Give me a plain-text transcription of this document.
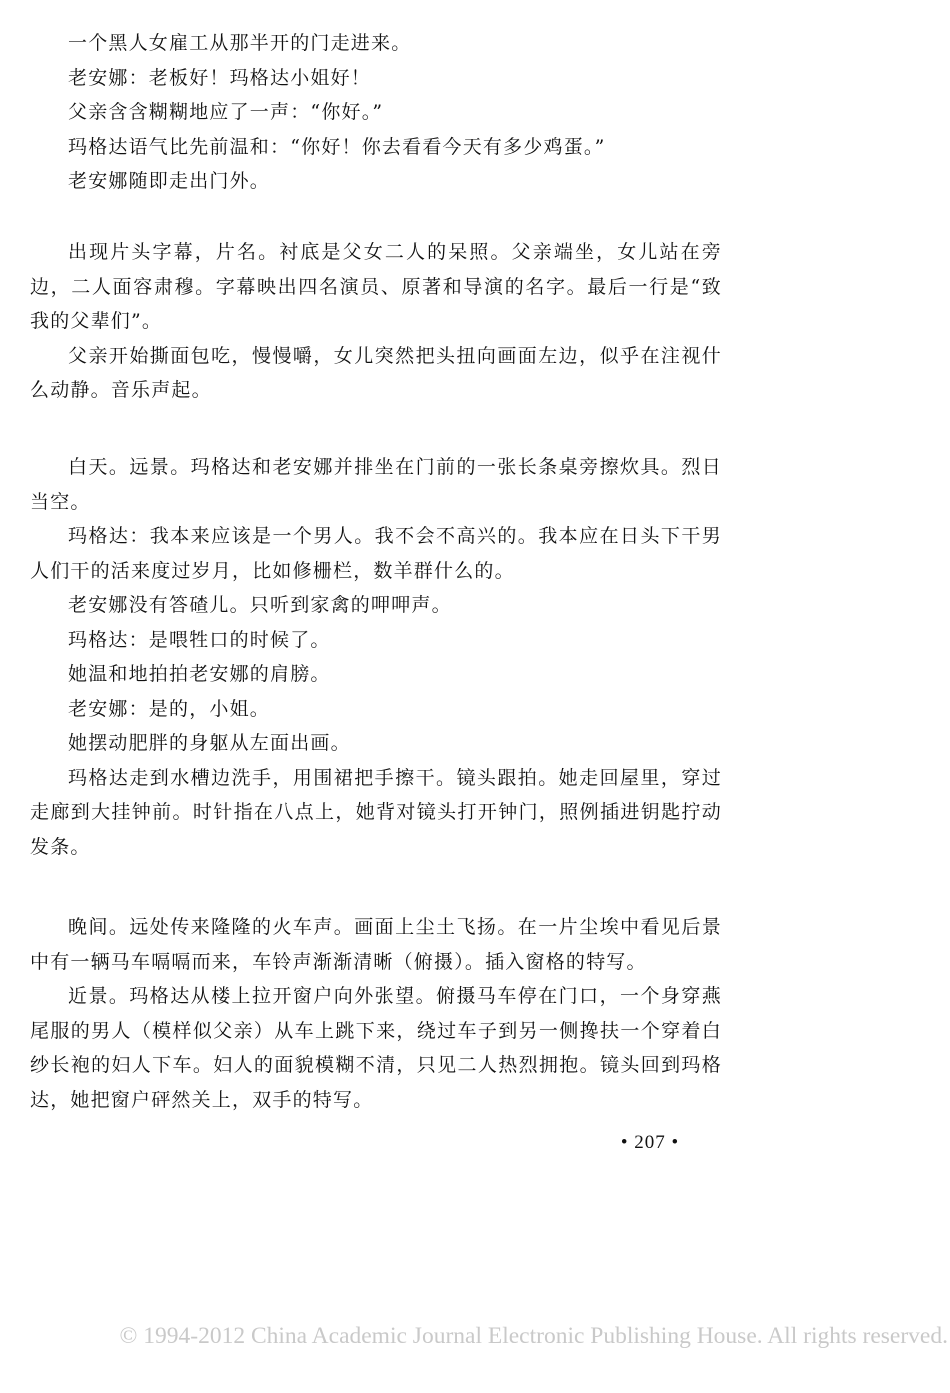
一个黑人女雇工从那半开的门走进来。

老安娜：老板好！玛格达小姐好！

父亲含含糊糊地应了一声：“你好。”

玛格达语气比先前温和：“你好！你去看看今天有多少鸡蛋。”

老安娜随即走出门外。

出现片头字幕，片名。衬底是父女二人的呆照。父亲端坐，女儿站在旁边，二人面容肃穆。字幕映出四名演员、原著和导演的名字。最后一行是“致我的父辈们”。

父亲开始撕面包吃，慢慢嚼，女儿突然把头扭向画面左边，似乎在注视什么动静。音乐声起。

白天。远景。玛格达和老安娜并排坐在门前的一张长条桌旁擦炊具。烈日当空。

玛格达：我本来应该是一个男人。我不会不高兴的。我本应在日头下干男人们干的活来度过岁月，比如修栅栏，数羊群什么的。

老安娜没有答碴儿。只听到家禽的呷呷声。

玛格达：是喂牲口的时候了。

她温和地拍拍老安娜的肩膀。

老安娜：是的，小姐。

她摆动肥胖的身躯从左面出画。

玛格达走到水槽边洗手，用围裙把手擦干。镜头跟拍。她走回屋里，穿过走廊到大挂钟前。时针指在八点上，她背对镜头打开钟门，照例插进钥匙拧动发条。

晚间。远处传来隆隆的火车声。画面上尘土飞扬。在一片尘埃中看见后景中有一辆马车嗝嗝而来，车铃声渐渐清晰（俯摄）。插入窗格的特写。

近景。玛格达从楼上拉开窗户向外张望。俯摄马车停在门口，一个身穿燕尾服的男人（模样似父亲）从车上跳下来，绕过车子到另一侧搀扶一个穿着白纱长袍的妇人下车。妇人的面貌模糊不清，只见二人热烈拥抱。镜头回到玛格达，她把窗户砰然关上，双手的特写。

• 207 •
© 1994-2012 China Academic Journal Electronic Publishing House. All rights reserved.
